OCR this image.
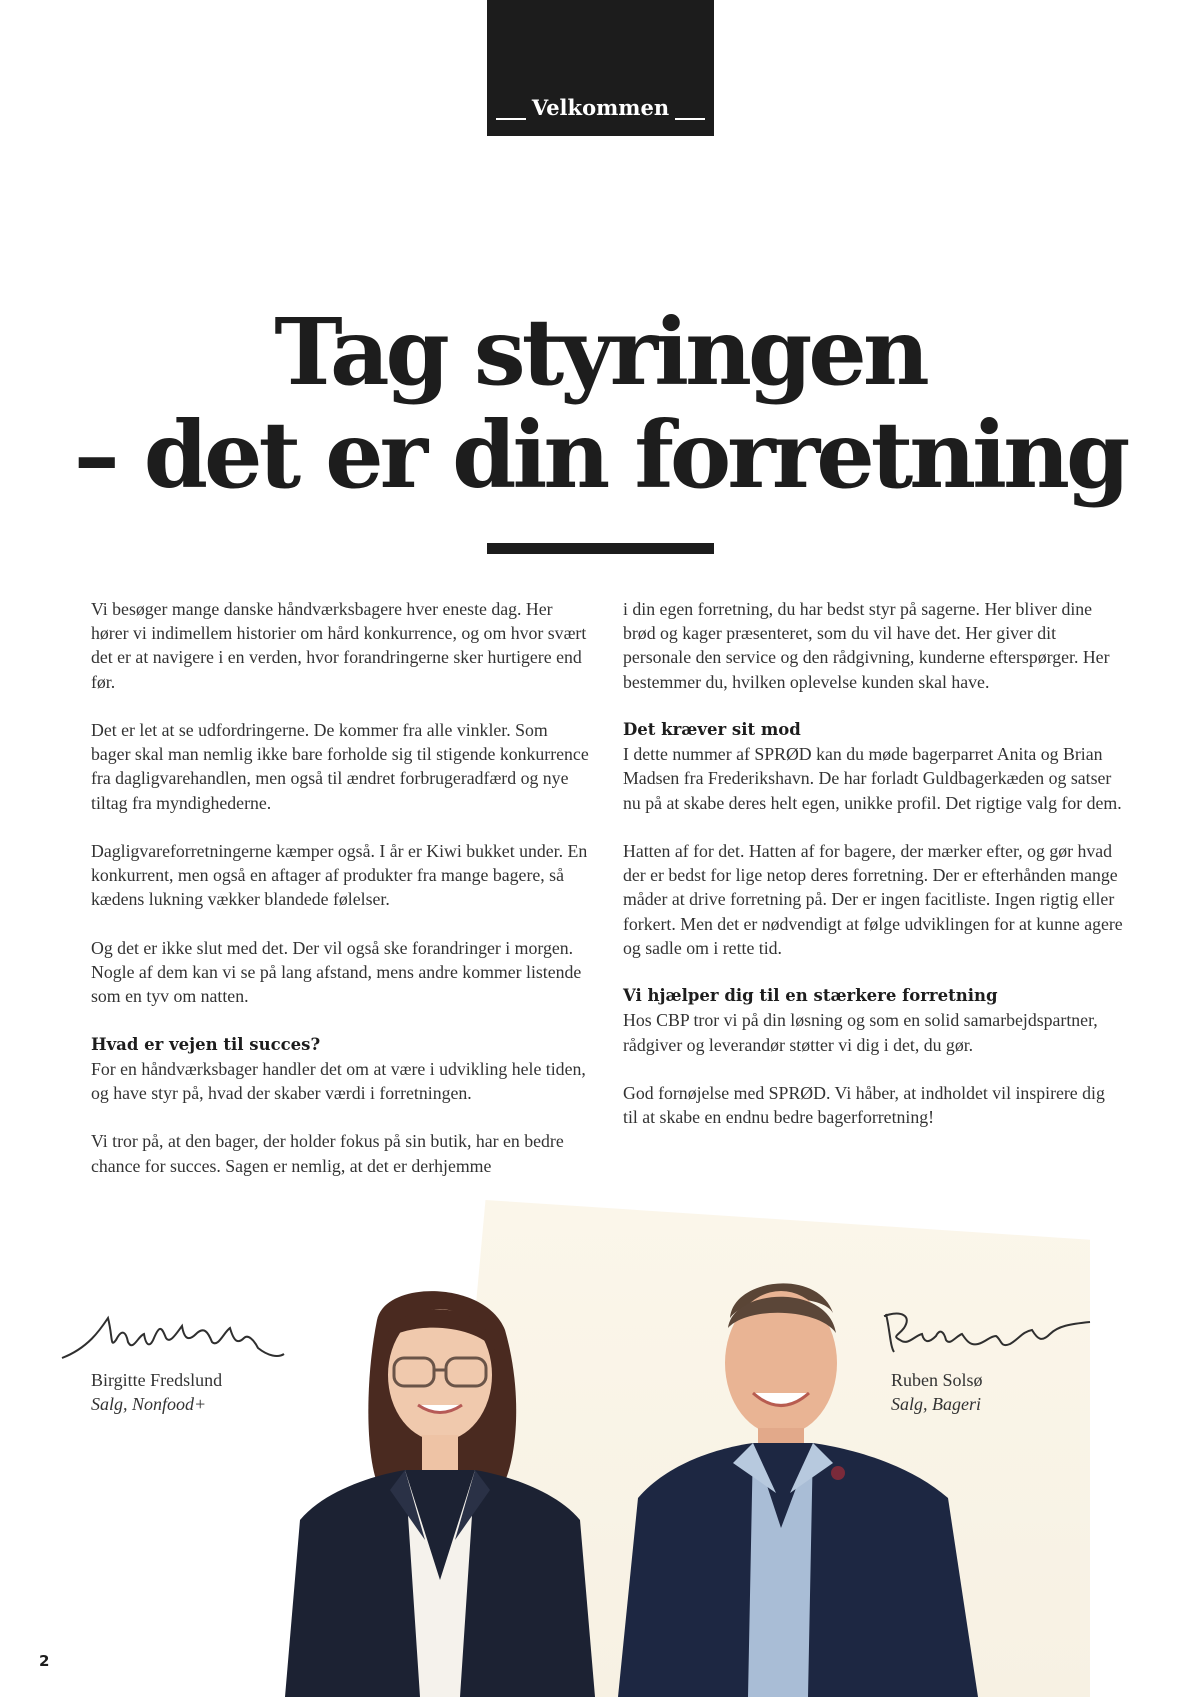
Velkommen
Tag styringen
– det er din forretning

Vi besøger mange danske håndværksbagere hver eneste dag. Her hører vi indimellem historier om hård konkurrence, og om hvor svært det er at navigere i en verden, hvor forandringerne sker hurtigere end før.

Det er let at se udfordringerne. De kommer fra alle vinkler. Som bager skal man nemlig ikke bare forholde sig til stigende konkurrence fra dagligvarehandlen, men også til ændret forbrugeradfærd og nye tiltag fra myndighederne.

Dagligvareforretningerne kæmper også. I år er Kiwi bukket under. En konkurrent, men også en aftager af produkter fra mange bagere, så kædens lukning vækker blandede følelser.

Og det er ikke slut med det. Der vil også ske forandringer i morgen. Nogle af dem kan vi se på lang afstand, mens andre kommer listende som en tyv om natten.

Hvad er vejen til succes?

For en håndværksbager handler det om at være i udvikling hele tiden, og have styr på, hvad der skaber værdi i forretningen.

Vi tror på, at den bager, der holder fokus på sin butik, har en bedre chance for succes. Sagen er nemlig, at det er derhjemme

i din egen forretning, du har bedst styr på sagerne. Her bliver dine brød og kager præsenteret, som du vil have det. Her giver dit personale den service og den rådgivning, kunderne efterspørger. Her bestemmer du, hvilken oplevelse kunden skal have.

Det kræver sit mod

I dette nummer af SPRØD kan du møde bagerparret Anita og Brian Madsen fra Frederikshavn. De har forladt Guldbagerkæden og satser nu på at skabe deres helt egen, unikke profil. Det rigtige valg for dem.

Hatten af for det. Hatten af for bagere, der mærker efter, og gør hvad der er bedst for lige netop deres forretning. Der er efterhånden mange måder at drive forretning på. Der er ingen facitliste. Ingen rigtig eller forkert. Men det er nødvendigt at følge udviklingen for at kunne agere og sadle om i rette tid.

Vi hjælper dig til en stærkere forretning

Hos CBP tror vi på din løsning og som en solid samarbejdspartner, rådgiver og leverandør støtter vi dig i det, du gør.

God fornøjelse med SPRØD. Vi håber, at indholdet vil inspirere dig til at skabe en endnu bedre bagerforretning!

Birgitte Fredslund
Salg, Nonfood+
Ruben Solsø
Salg, Bageri
2
